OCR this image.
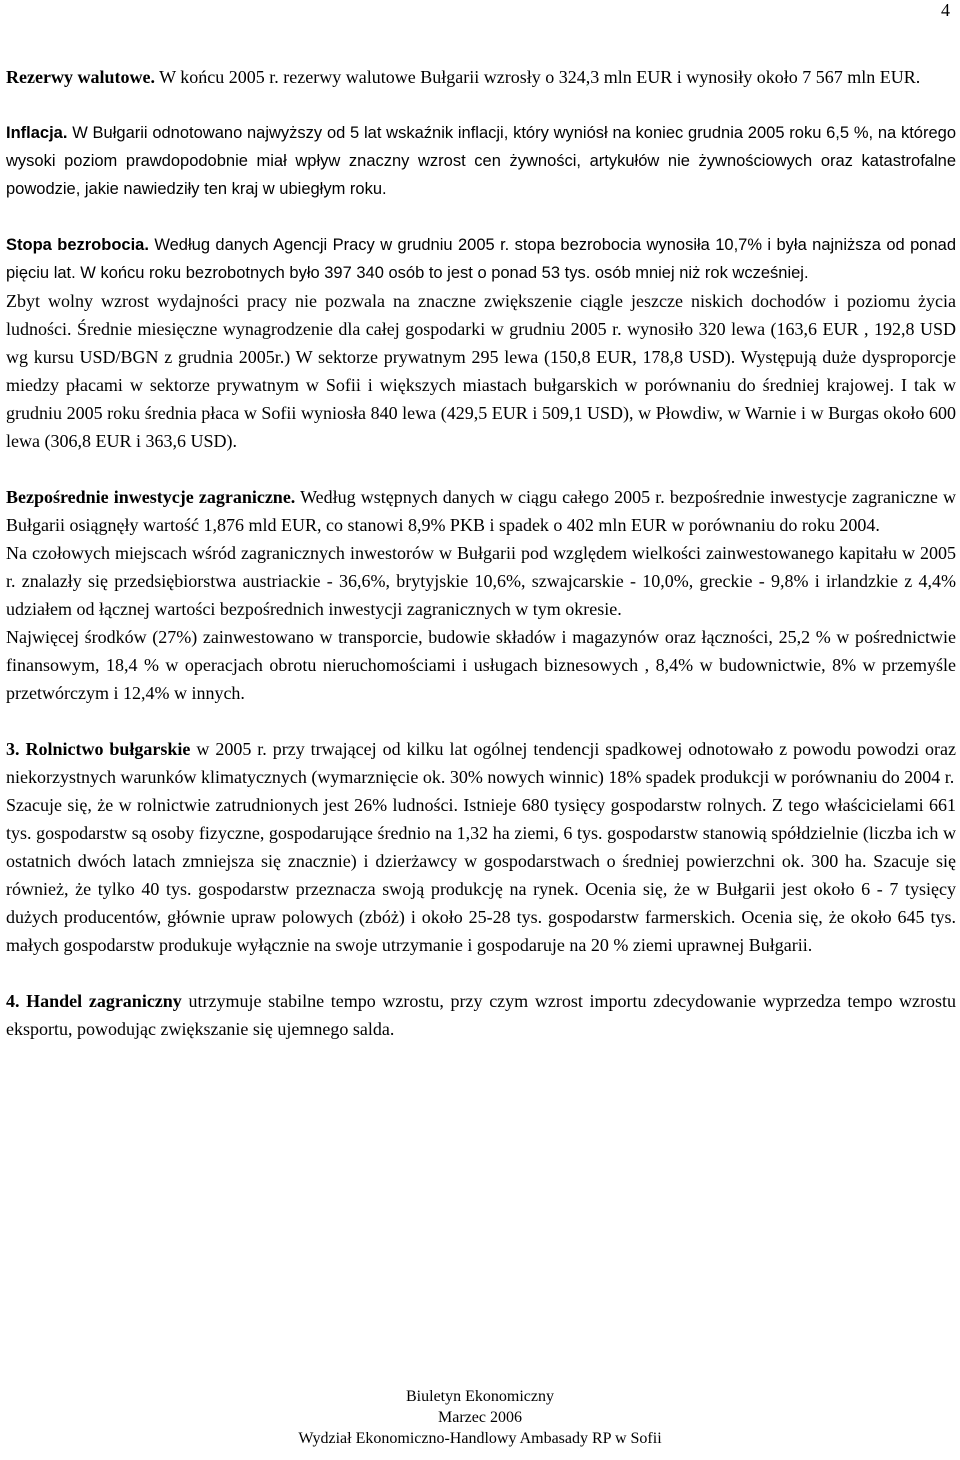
4

Rezerwy walutowe. W końcu 2005 r. rezerwy walutowe Bułgarii wzrosły o 324,3 mln EUR i wynosiły około 7 567 mln EUR.

Inflacja. W Bułgarii odnotowano najwyższy od 5 lat wskaźnik inflacji, który wyniósł na koniec grudnia 2005 roku 6,5 %, na którego wysoki poziom prawdopodobnie miał wpływ znaczny wzrost cen żywności, artykułów nie żywnościowych oraz katastrofalne powodzie, jakie nawiedziły ten kraj w ubiegłym roku.

Stopa bezrobocia. Według danych Agencji Pracy w grudniu 2005 r. stopa bezrobocia wynosiła 10,7% i była najniższa od ponad pięciu lat. W końcu roku bezrobotnych było 397 340 osób to jest o ponad 53 tys. osób mniej niż rok wcześniej.

Zbyt wolny wzrost wydajności pracy nie pozwala na znaczne zwiększenie ciągle jeszcze niskich dochodów i poziomu życia ludności. Średnie miesięczne wynagrodzenie dla całej gospodarki w grudniu 2005 r. wynosiło 320 lewa (163,6 EUR , 192,8 USD wg kursu USD/BGN z grudnia 2005r.) W sektorze prywatnym 295 lewa (150,8 EUR, 178,8 USD). Występują duże dysproporcje miedzy płacami w sektorze prywatnym w Sofii i większych miastach bułgarskich w porównaniu do średniej krajowej. I tak w grudniu 2005 roku średnia płaca w Sofii wyniosła 840 lewa (429,5 EUR i 509,1 USD), w Płowdiw, w Warnie i w Burgas około 600 lewa (306,8 EUR i 363,6 USD).

Bezpośrednie inwestycje zagraniczne. Według wstępnych danych w ciągu całego 2005 r. bezpośrednie inwestycje zagraniczne w Bułgarii osiągnęły wartość 1,876 mld EUR, co stanowi 8,9% PKB i spadek o 402 mln EUR w porównaniu do roku 2004.

Na czołowych miejscach wśród zagranicznych inwestorów w Bułgarii pod względem wielkości zainwestowanego kapitału w 2005 r. znalazły się przedsiębiorstwa austriackie - 36,6%, brytyjskie 10,6%, szwajcarskie - 10,0%, greckie - 9,8% i irlandzkie z 4,4% udziałem od łącznej wartości bezpośrednich inwestycji zagranicznych w tym okresie.

Najwięcej środków (27%) zainwestowano w transporcie, budowie składów i magazynów oraz łączności, 25,2 % w pośrednictwie finansowym, 18,4 % w operacjach obrotu nieruchomościami i usługach biznesowych , 8,4% w budownictwie, 8% w przemyśle przetwórczym i 12,4% w innych.

3. Rolnictwo bułgarskie w 2005 r. przy trwającej od kilku lat ogólnej tendencji spadkowej odnotowało z powodu powodzi oraz niekorzystnych warunków klimatycznych (wymarznięcie ok. 30% nowych winnic) 18% spadek produkcji w porównaniu do 2004 r.

Szacuje się, że w rolnictwie zatrudnionych jest 26% ludności. Istnieje 680 tysięcy gospodarstw rolnych. Z tego właścicielami 661 tys. gospodarstw są osoby fizyczne, gospodarujące średnio na 1,32 ha ziemi, 6 tys. gospodarstw stanowią spółdzielnie (liczba ich w ostatnich dwóch latach zmniejsza się znacznie) i dzierżawcy w gospodarstwach o średniej powierzchni ok. 300 ha. Szacuje się również, że tylko 40 tys. gospodarstw przeznacza swoją produkcję na rynek. Ocenia się, że w Bułgarii jest około 6 - 7 tysięcy dużych producentów, głównie upraw polowych (zbóż) i około 25-28 tys. gospodarstw farmerskich. Ocenia się, że około 645 tys. małych gospodarstw produkuje wyłącznie na swoje utrzymanie i gospodaruje na 20 % ziemi uprawnej Bułgarii.

4. Handel zagraniczny utrzymuje stabilne tempo wzrostu, przy czym wzrost importu zdecydowanie wyprzedza tempo wzrostu eksportu, powodując zwiększanie się ujemnego salda.

Biuletyn Ekonomiczny
Marzec 2006
Wydział Ekonomiczno-Handlowy Ambasady RP w Sofii
